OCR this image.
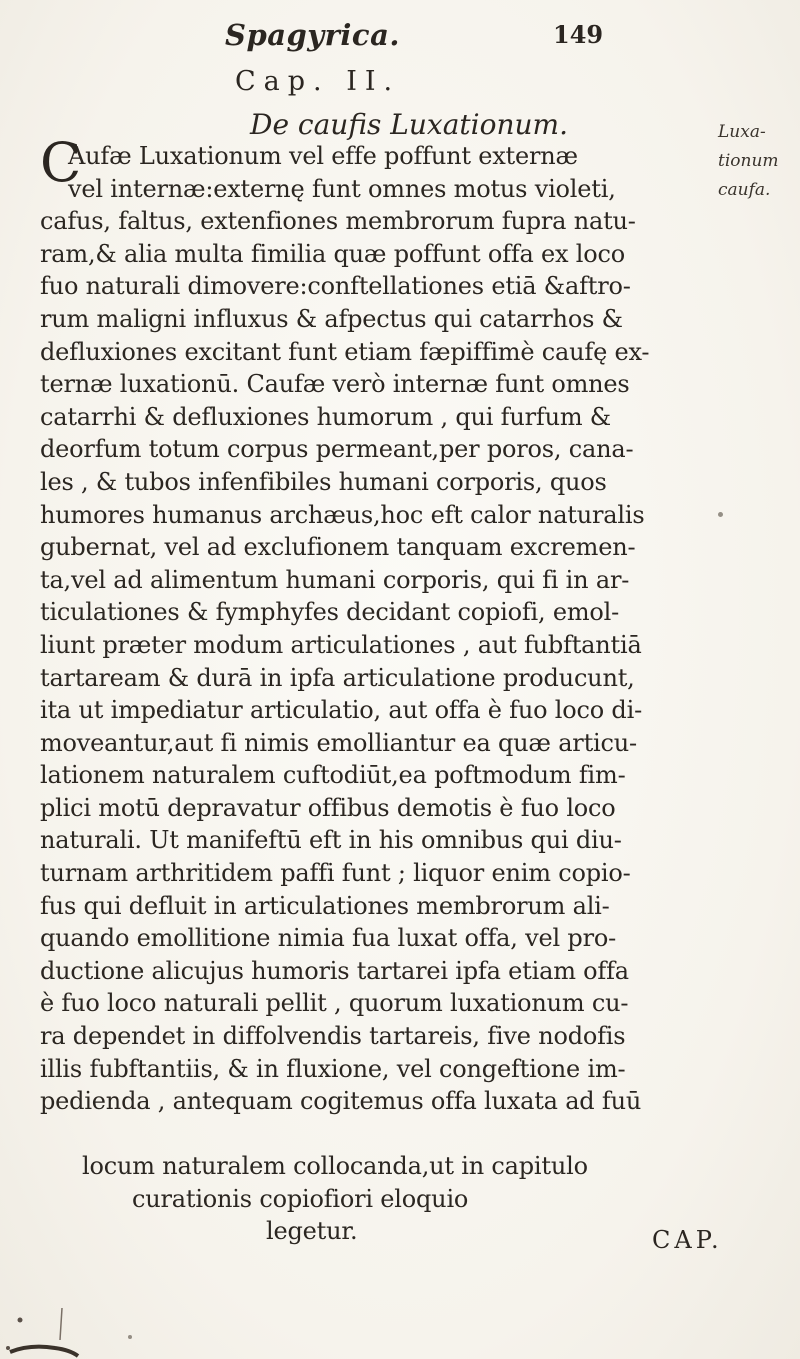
Spagyrica.	149
Cap. II.
De caufis Luxationum.	Luxa-
tionum
caufa.
C
Aufæ Luxationum vel effe poffunt externæ
vel internæ:externę funt omnes motus violeti,
cafus, faltus, extenfiones membrorum fupra natu-
ram,& alia multa fimilia quæ poffunt offa ex loco
fuo naturali dimovere:conftellationes etiā &aftro-
rum maligni influxus & afpectus qui catarrhos &
defluxiones excitant funt etiam fæpiffimè caufę ex-
ternæ luxationū. Caufæ verò internæ funt omnes
catarrhi & defluxiones humorum , qui furfum &
deorfum totum corpus permeant,per poros, cana-
les , & tubos infenfibiles humani corporis, quos
humores humanus archæus,hoc eft calor naturalis
gubernat, vel ad exclufionem tanquam excremen-
ta,vel ad alimentum humani corporis, qui fi in ar-
ticulationes & fymphyfes decidant copiofi, emol-
liunt præter modum articulationes , aut fubftantiā
tartaream & durā in ipfa articulatione producunt,
ita ut impediatur articulatio, aut offa è fuo loco di-
moveantur,aut fi nimis emolliantur ea quæ articu-
lationem naturalem cuftodiūt,ea poftmodum fim-
plici motū depravatur offibus demotis è fuo loco
naturali. Ut manifeftū eft in his omnibus qui diu-
turnam arthritidem paffi funt ; liquor enim copio-
fus qui defluit in articulationes membrorum ali-
quando emollitione nimia fua luxat offa, vel pro-
ductione alicujus humoris tartarei ipfa etiam offa
è fuo loco naturali pellit , quorum luxationum cu-
ra dependet in diffolvendis tartareis, five nodofis
illis fubftantiis, & in fluxione, vel congeftione im-
pedienda , antequam cogitemus offa luxata ad fuū
locum naturalem collocanda,ut in capitulo
curationis copiofiori eloquio
legetur.	CAP.
